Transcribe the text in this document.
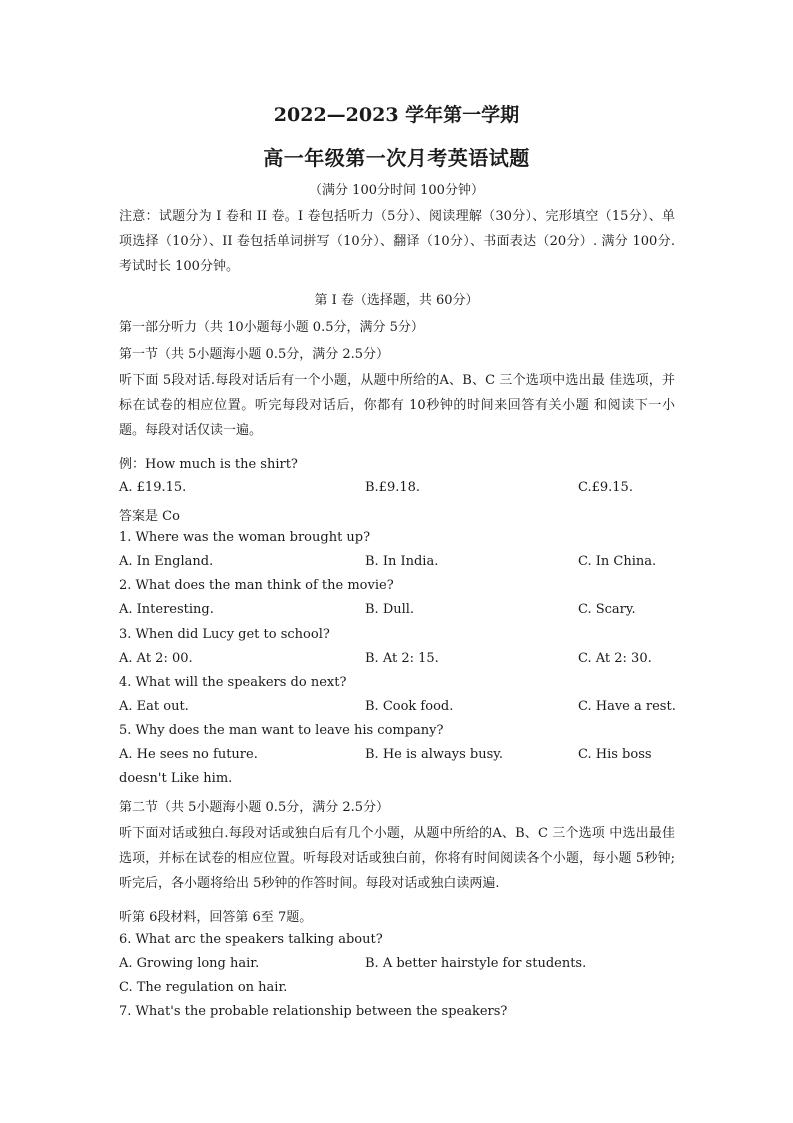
2022—2023 学年第一学期
高一年级第一次月考英语试题
（满分 100分时间 100分钟）
注意：试题分为 I 卷和 II 卷。I 卷包括听力（5分）、阅读理解（30分）、完形填空（15分）、单项选择（10分）、II 卷包括单词拼写（10分）、翻译（10分）、书面表达（20分）. 满分 100分.考试时长 100分钟。
第 I 卷（选择题，共 60分）
第一部分听力（共 10小题每小题 0.5分，满分 5分）
第一节（共 5小题海小题 0.5分，满分 2.5分）
听下面 5段对话.每段对话后有一个小题，从题中所给的A、B、C 三个选项中选出最 佳选项，并标在试卷的相应位置。听完每段对话后，你都有 10秒钟的时间来回答有关小题 和阅读下一小题。每段对话仅读一遍。
例：How much is the shirt?
A. £19.15.	B.£9.18.	C.£9.15.
答案是 Co
1. Where was the woman brought up?
A. In England.	B. In India.	C. In China.
2. What does the man think of the movie?
A. Interesting.	B. Dull.	C. Scary.
3. When did Lucy get to school?
A. At 2: 00.	B. At 2: 15.	C. At 2: 30.
4. What will the speakers do next?
A. Eat out.	B. Cook food.	C. Have a rest.
5. Why does the man want to leave his company?
A. He sees no future.	B. He is always busy.	C. His boss
doesn't Like him.
第二节（共 5小题海小题 0.5分，满分 2.5分）
听下面对话或独白.每段对话或独白后有几个小题，从题中所给的A、B、C 三个选项 中选出最佳选项，并标在试卷的相应位置。听每段对话或独白前，你将有时间阅读各个小题，每小题 5秒钟;听完后，各小题将给出 5秒钟的作答时间。每段对话或独白读两遍.
听第 6段材料，回答第 6至 7题。
6. What arc the speakers talking about?
A. Growing long hair.	B. A better hairstyle for students.
C. The regulation on hair.
7. What's the probable relationship between the speakers?
